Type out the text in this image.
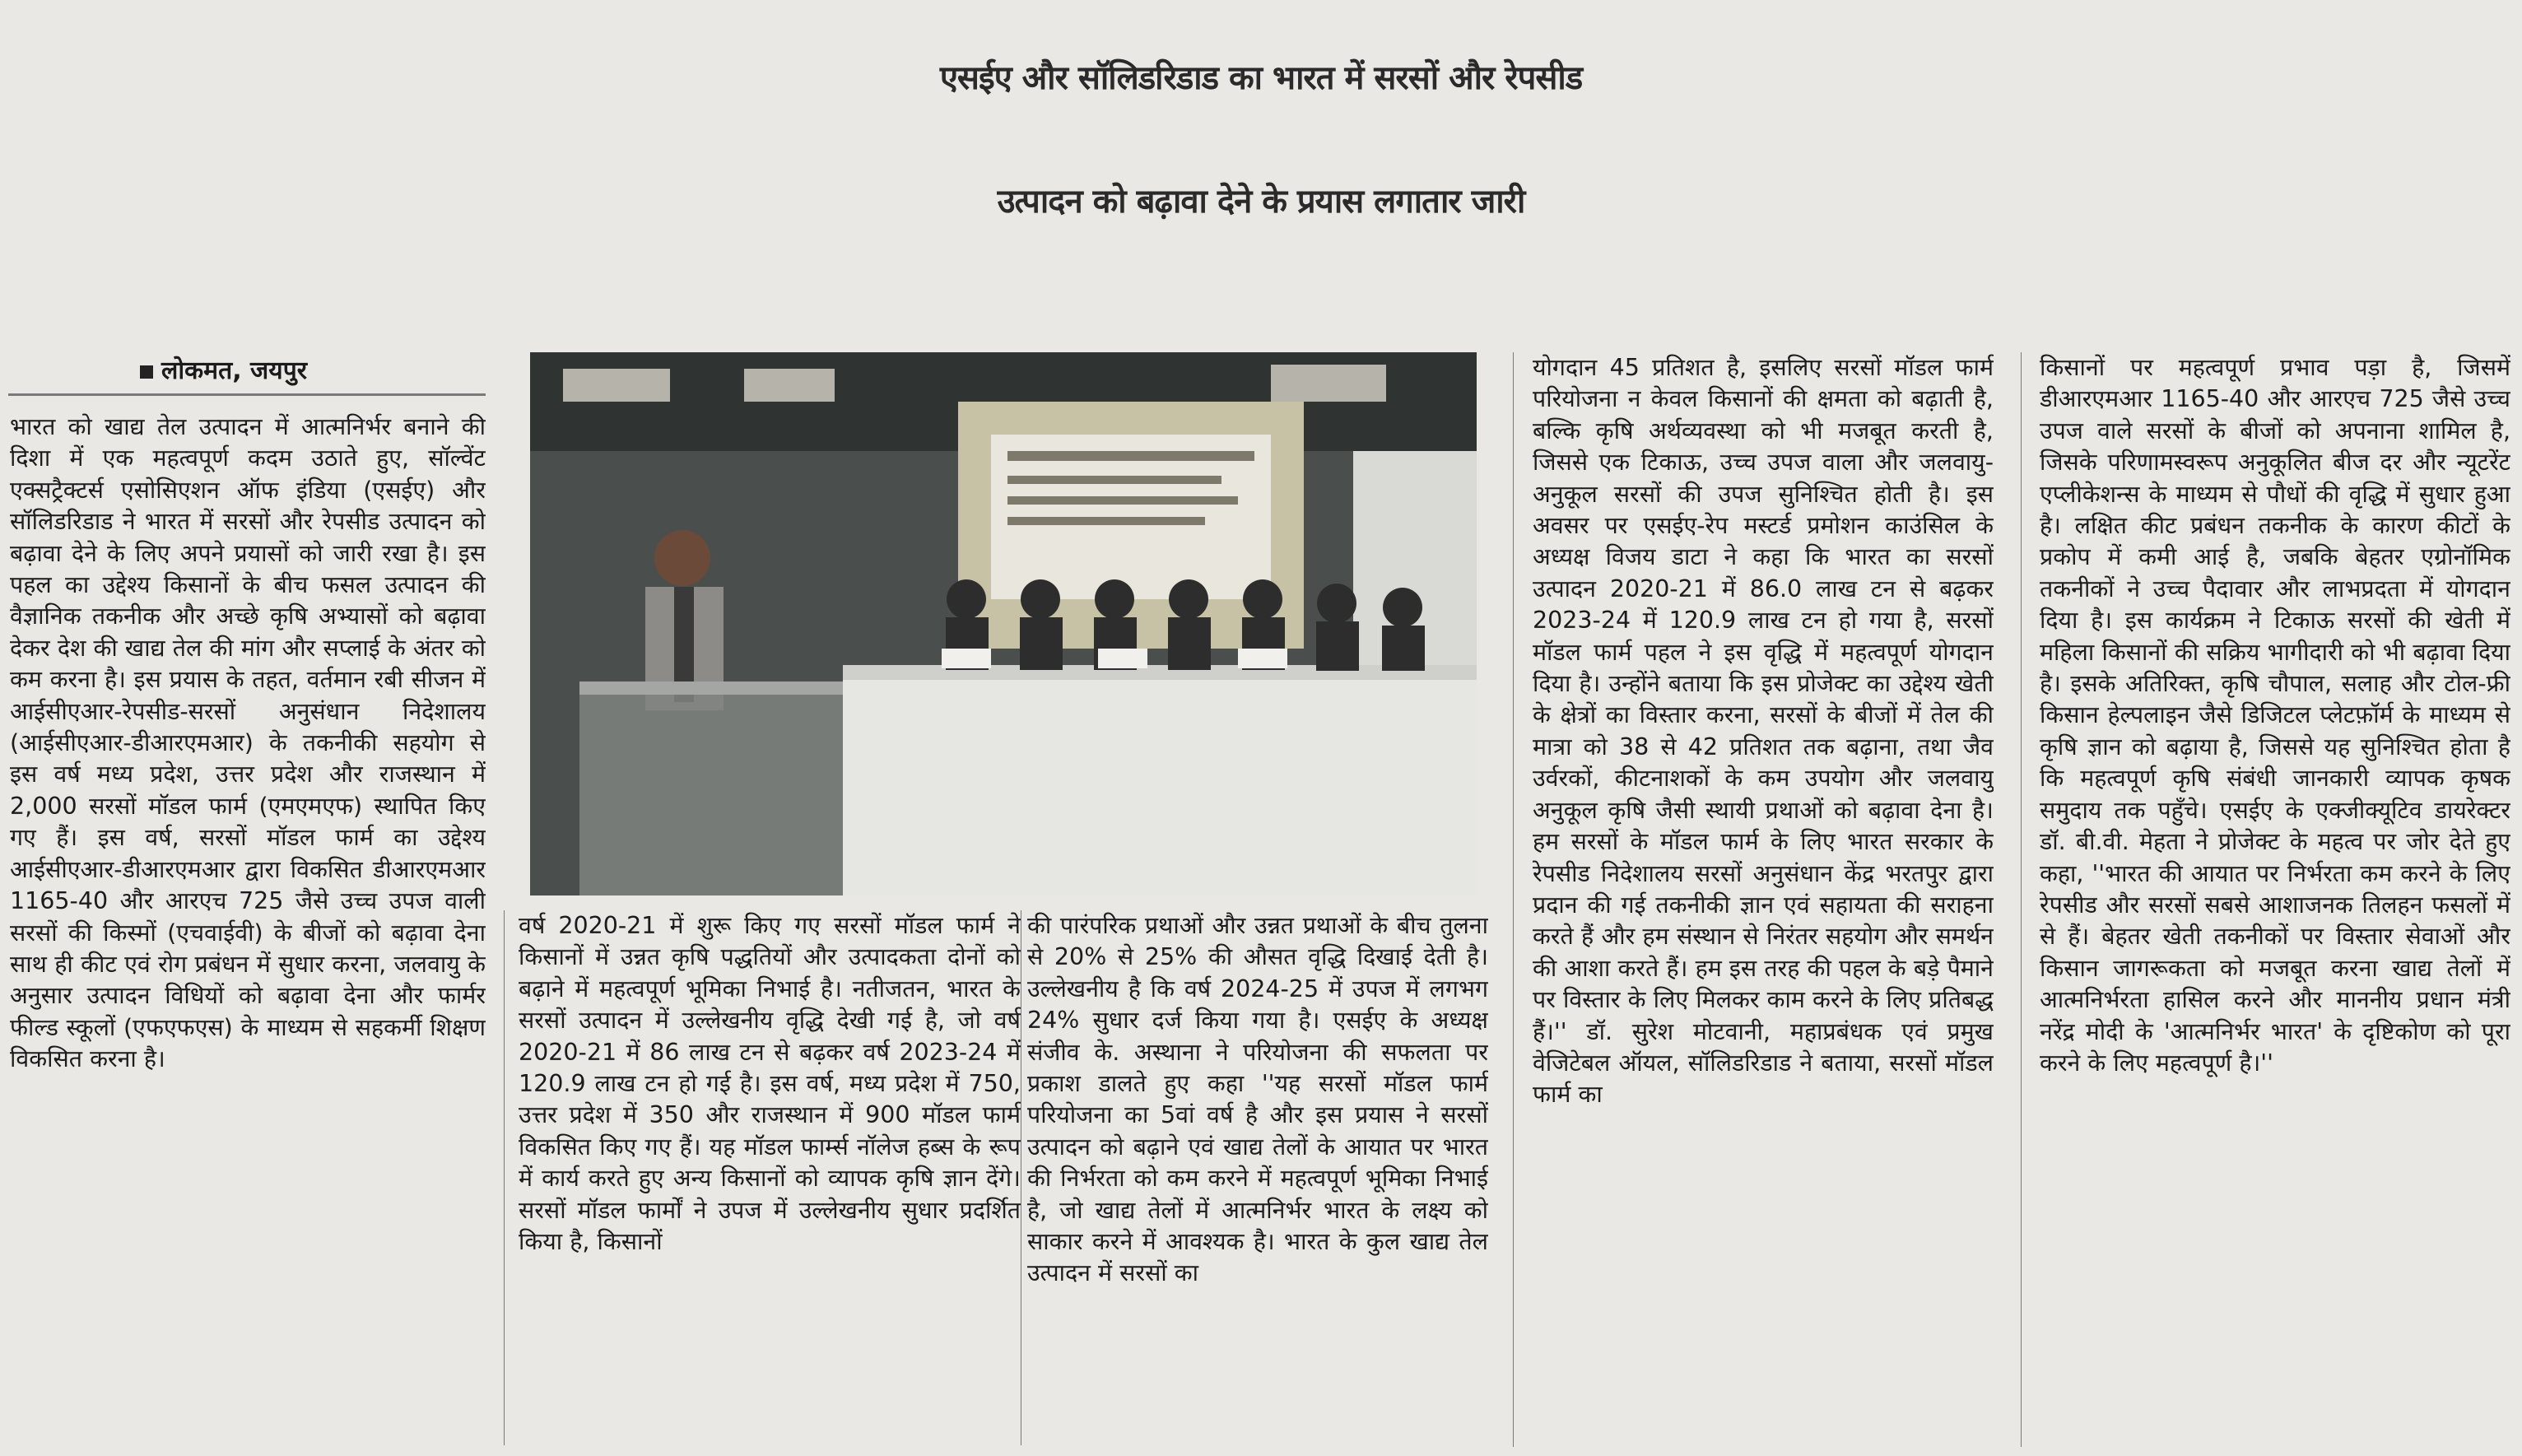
एसईए और सॉलिडरिडाड का भारत में सरसों और रेपसीड
उत्पादन को बढ़ावा देने के प्रयास लगातार जारी
लोकमत, जयपुर

भारत को खाद्य तेल उत्पादन में आत्मनिर्भर बनाने की दिशा में एक महत्वपूर्ण कदम उठाते हुए, सॉल्वेंट एक्सट्रैक्टर्स एसोसिएशन ऑफ इंडिया (एसईए) और सॉलिडरिडाड ने भारत में सरसों और रेपसीड उत्पादन को बढ़ावा देने के लिए अपने प्रयासों को जारी रखा है। इस पहल का उद्देश्य किसानों के बीच फसल उत्पादन की वैज्ञानिक तकनीक और अच्छे कृषि अभ्यासों को बढ़ावा देकर देश की खाद्य तेल की मांग और सप्लाई के अंतर को कम करना है। इस प्रयास के तहत, वर्तमान रबी सीजन में आईसीएआर-रेपसीड-सरसों अनुसंधान निदेशालय (आईसीएआर-डीआरएमआर) के तकनीकी सहयोग से इस वर्ष मध्य प्रदेश, उत्तर प्रदेश और राजस्थान में 2,000 सरसों मॉडल फार्म (एमएमएफ) स्थापित किए गए हैं। इस वर्ष, सरसों मॉडल फार्म का उद्देश्य आईसीएआर-डीआरएमआर द्वारा विकसित डीआरएमआर 1165-40 और आरएच 725 जैसे उच्च उपज वाली सरसों की किस्मों (एचवाईवी) के बीजों को बढ़ावा देना साथ ही कीट एवं रोग प्रबंधन में सुधार करना, जलवायु के अनुसार उत्पादन विधियों को बढ़ावा देना और फार्मर फील्ड स्कूलों (एफएफएस) के माध्यम से सहकर्मी शिक्षण विकसित करना है।

वर्ष 2020-21 में शुरू किए गए सरसों मॉडल फार्म ने किसानों में उन्नत कृषि पद्धतियों और उत्पादकता दोनों को बढ़ाने में महत्वपूर्ण भूमिका निभाई है। नतीजतन, भारत के सरसों उत्पादन में उल्लेखनीय वृद्धि देखी गई है, जो वर्ष 2020-21 में 86 लाख टन से बढ़कर वर्ष 2023-24 में 120.9 लाख टन हो गई है। इस वर्ष, मध्य प्रदेश में 750, उत्तर प्रदेश में 350 और राजस्थान में 900 मॉडल फार्म विकसित किए गए हैं। यह मॉडल फार्म्स नॉलेज हब्स के रूप में कार्य करते हुए अन्य किसानों को व्यापक कृषि ज्ञान देंगे। सरसों मॉडल फार्मों ने उपज में उल्लेखनीय सुधार प्रदर्शित किया है, किसानों

की पारंपरिक प्रथाओं और उन्नत प्रथाओं के बीच तुलना से 20% से 25% की औसत वृद्धि दिखाई देती है। उल्लेखनीय है कि वर्ष 2024-25 में उपज में लगभग 24% सुधार दर्ज किया गया है। एसईए के अध्यक्ष संजीव के. अस्थाना ने परियोजना की सफलता पर प्रकाश डालते हुए कहा ''यह सरसों मॉडल फार्म परियोजना का 5वां वर्ष है और इस प्रयास ने सरसों उत्पादन को बढ़ाने एवं खाद्य तेलों के आयात पर भारत की निर्भरता को कम करने में महत्वपूर्ण भूमिका निभाई है, जो खाद्य तेलों में आत्मनिर्भर भारत के लक्ष्य को साकार करने में आवश्यक है। भारत के कुल खाद्य तेल उत्पादन में सरसों का

योगदान 45 प्रतिशत है, इसलिए सरसों मॉडल फार्म परियोजना न केवल किसानों की क्षमता को बढ़ाती है, बल्कि कृषि अर्थव्यवस्था को भी मजबूत करती है, जिससे एक टिकाऊ, उच्च उपज वाला और जलवायु- अनुकूल सरसों की उपज सुनिश्चित होती है। इस अवसर पर एसईए-रेप मस्टर्ड प्रमोशन काउंसिल के अध्यक्ष विजय डाटा ने कहा कि भारत का सरसों उत्पादन 2020-21 में 86.0 लाख टन से बढ़कर 2023-24 में 120.9 लाख टन हो गया है, सरसों मॉडल फार्म पहल ने इस वृद्धि में महत्वपूर्ण योगदान दिया है। उन्होंने बताया कि इस प्रोजेक्ट का उद्देश्य खेती के क्षेत्रों का विस्तार करना, सरसों के बीजों में तेल की मात्रा को 38 से 42 प्रतिशत तक बढ़ाना, तथा जैव उर्वरकों, कीटनाशकों के कम उपयोग और जलवायु अनुकूल कृषि जैसी स्थायी प्रथाओं को बढ़ावा देना है। हम सरसों के मॉडल फार्म के लिए भारत सरकार के रेपसीड निदेशालय सरसों अनुसंधान केंद्र भरतपुर द्वारा प्रदान की गई तकनीकी ज्ञान एवं सहायता की सराहना करते हैं और हम संस्थान से निरंतर सहयोग और समर्थन की आशा करते हैं। हम इस तरह की पहल के बड़े पैमाने पर विस्तार के लिए मिलकर काम करने के लिए प्रतिबद्ध हैं।'' डॉ. सुरेश मोटवानी, महाप्रबंधक एवं प्रमुख वेजिटेबल ऑयल, सॉलिडरिडाड ने बताया, सरसों मॉडल फार्म का

किसानों पर महत्वपूर्ण प्रभाव पड़ा है, जिसमें डीआरएमआर 1165-40 और आरएच 725 जैसे उच्च उपज वाले सरसों के बीजों को अपनाना शामिल है, जिसके परिणामस्वरूप अनुकूलित बीज दर और न्यूटरेंट एप्लीकेशन्स के माध्यम से पौधों की वृद्धि में सुधार हुआ है। लक्षित कीट प्रबंधन तकनीक के कारण कीटों के प्रकोप में कमी आई है, जबकि बेहतर एग्रोनॉमिक तकनीकों ने उच्च पैदावार और लाभप्रदता में योगदान दिया है। इस कार्यक्रम ने टिकाऊ सरसों की खेती में महिला किसानों की सक्रिय भागीदारी को भी बढ़ावा दिया है। इसके अतिरिक्त, कृषि चौपाल, सलाह और टोल-फ्री किसान हेल्पलाइन जैसे डिजिटल प्लेटफ़ॉर्म के माध्यम से कृषि ज्ञान को बढ़ाया है, जिससे यह सुनिश्चित होता है कि महत्वपूर्ण कृषि संबंधी जानकारी व्यापक कृषक समुदाय तक पहुँचे। एसईए के एक्जीक्यूटिव डायरेक्टर डॉ. बी.वी. मेहता ने प्रोजेक्ट के महत्व पर जोर देते हुए कहा, ''भारत की आयात पर निर्भरता कम करने के लिए रेपसीड और सरसों सबसे आशाजनक तिलहन फसलों में से हैं। बेहतर खेती तकनीकों पर विस्तार सेवाओं और किसान जागरूकता को मजबूत करना खाद्य तेलों में आत्मनिर्भरता हासिल करने और माननीय प्रधान मंत्री नरेंद्र मोदी के 'आत्मनिर्भर भारत' के दृष्टिकोण को पूरा करने के लिए महत्वपूर्ण है।''
